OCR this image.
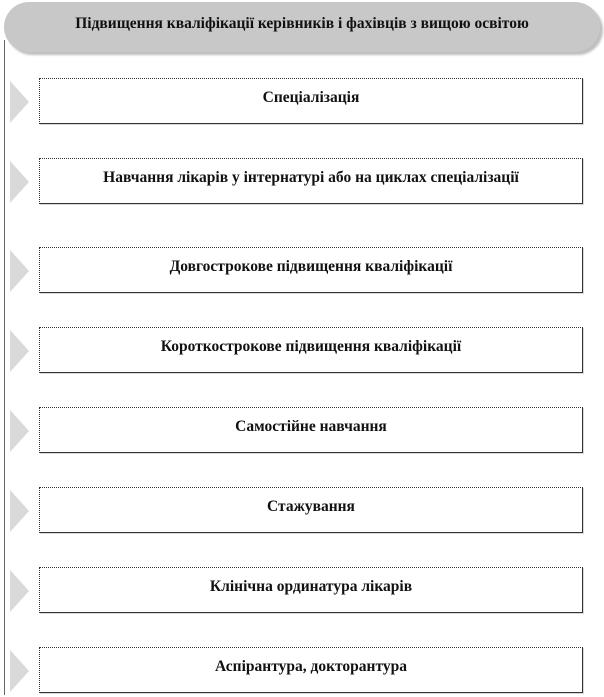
Підвищення кваліфікації керівників і фахівців з вищою освітою
Спеціалізація
Навчання лікарів у інтернатурі або на циклах спеціалізації
Довгострокове підвищення кваліфікації
Короткострокове підвищення кваліфікації
Самостійне навчання
Стажування
Клінічна ординатура лікарів
Аспірантура, докторантура
